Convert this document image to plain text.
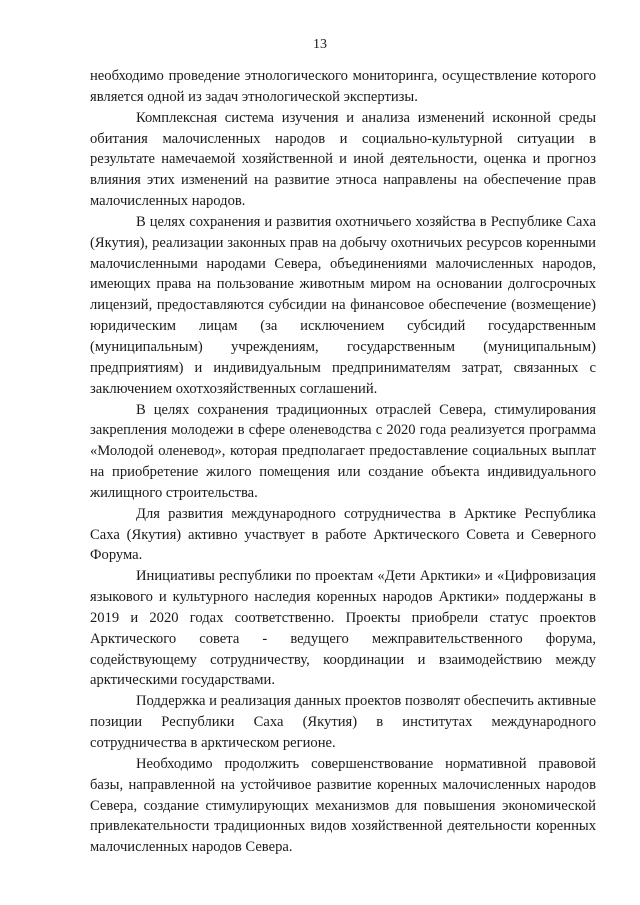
13

необходимо проведение этнологического мониторинга, осуществление которого является одной из задач этнологической экспертизы.

Комплексная система изучения и анализа изменений исконной среды обитания малочисленных народов и социально-культурной ситуации в результате намечаемой хозяйственной и иной деятельности, оценка и прогноз влияния этих изменений на развитие этноса направлены на обеспечение прав малочисленных народов.

В целях сохранения и развития охотничьего хозяйства в Республике Саха (Якутия), реализации законных прав на добычу охотничьих ресурсов коренными малочисленными народами Севера, объединениями малочисленных народов, имеющих права на пользование животным миром на основании долгосрочных лицензий, предоставляются субсидии на финансовое обеспечение (возмещение) юридическим лицам (за исключением субсидий государственным (муниципальным) учреждениям, государственным (муниципальным) предприятиям) и индивидуальным предпринимателям затрат, связанных с заключением охотхозяйственных соглашений.

В целях сохранения традиционных отраслей Севера, стимулирования закрепления молодежи в сфере оленеводства с 2020 года реализуется программа «Молодой оленевод», которая предполагает предоставление социальных выплат на приобретение жилого помещения или создание объекта индивидуального жилищного строительства.

Для развития международного сотрудничества в Арктике Республика Саха (Якутия) активно участвует в работе Арктического Совета и Северного Форума.

Инициативы республики по проектам «Дети Арктики» и «Цифровизация языкового и культурного наследия коренных народов Арктики» поддержаны в 2019 и 2020 годах соответственно. Проекты приобрели статус проектов Арктического совета - ведущего межправительственного форума, содействующему сотрудничеству, координации и взаимодействию между арктическими государствами.

Поддержка и реализация данных проектов позволят обеспечить активные позиции Республики Саха (Якутия) в институтах международного сотрудничества в арктическом регионе.

Необходимо продолжить совершенствование нормативной правовой базы, направленной на устойчивое развитие коренных малочисленных народов Севера, создание стимулирующих механизмов для повышения экономической привлекательности традиционных видов хозяйственной деятельности коренных малочисленных народов Севера.
